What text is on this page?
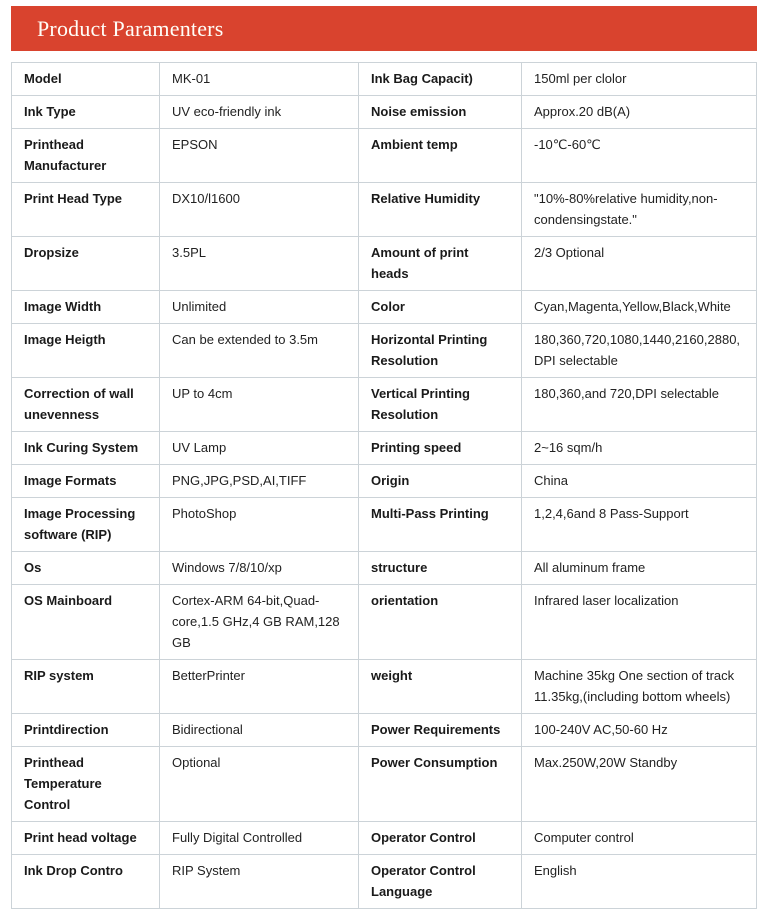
Product Paramenters
Model	MK-01	Ink Bag Capacit)	150ml per clolor
Ink Type	UV eco-friendly ink	Noise emission	Approx.20 dB(A)
Printhead Manufacturer	EPSON	Ambient temp	-10℃-60℃
Print Head Type	DX10/l1600	Relative Humidity	"10%-80%relative humidity,non-condensingstate."
Dropsize	3.5PL	Amount of print heads	2/3 Optional
Image Width	Unlimited	Color	Cyan,Magenta,Yellow,Black,White
Image Heigth	Can be extended to 3.5m	Horizontal Printing Resolution	180,360,720,1080,1440,2160,2880,DPI selectable
Correction of wall unevenness	UP to 4cm	Vertical Printing Resolution	180,360,and 720,DPI selectable
Ink Curing System	UV Lamp	Printing speed	2~16 sqm/h
Image Formats	PNG,JPG,PSD,AI,TIFF	Origin	China
Image Processing software (RIP)	PhotoShop	Multi-Pass Printing	1,2,4,6and 8 Pass-Support
Os	Windows 7/8/10/xp	structure	All aluminum frame
OS Mainboard	Cortex-ARM 64-bit,Quad-core,1.5 GHz,4 GB RAM,128 GB	orientation	Infrared laser localization
RIP system	BetterPrinter	weight	Machine 35kg One section of track 11.35kg,(including bottom wheels)
Printdirection	Bidirectional	Power Requirements	100-240V AC,50-60 Hz
Printhead Temperature Control	Optional	Power Consumption	Max.250W,20W Standby
Print head voltage	Fully Digital Controlled	Operator Control	Computer control
Ink Drop Contro	RIP System	Operator Control Language	English
